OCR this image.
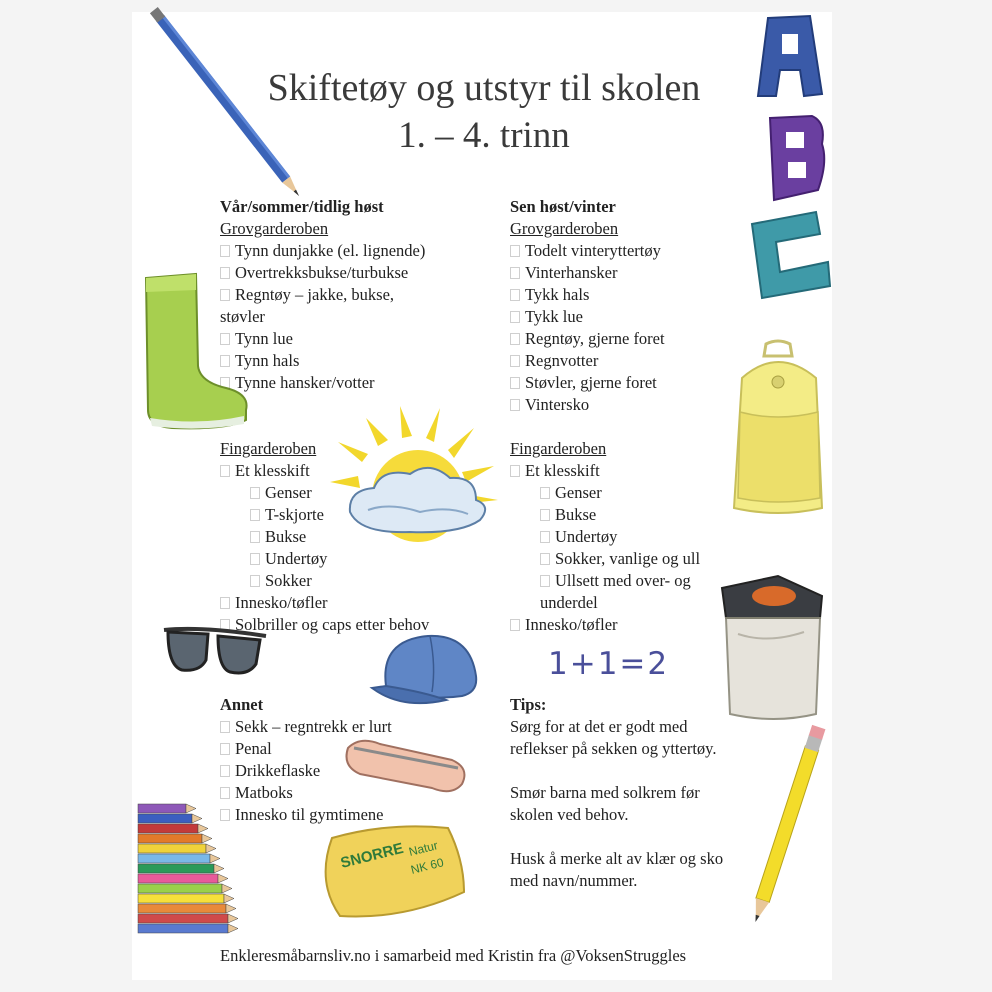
Skiftetøy og utstyr til skolen
1. – 4. trinn
Vår/sommer/tidlig høst
Grovgarderoben
Tynn dunjakke (el. lignende)
Overtrekksbukse/turbukse
Regntøy – jakke, bukse,
støvler
Tynn lue
Tynn hals
Tynne hansker/votter
Fingarderoben
Et klesskift
Genser
T-skjorte
Bukse
Undertøy
Sokker
Innesko/tøfler
Solbriller og caps etter behov
Annet
Sekk – regntrekk er lurt
Penal
Drikkeflaske
Matboks
Innesko til gymtimene
Sen høst/vinter
Grovgarderoben
Todelt vinteryttertøy
Vinterhansker
Tykk hals
Tykk lue
Regntøy, gjerne foret
Regnvotter
Støvler, gjerne foret
Vintersko
Fingarderoben
Et klesskift
Genser
Bukse
Undertøy
Sokker, vanlige og ull
Ullsett med over- og
underdel
Innesko/tøfler
Tips:
Sørg for at det er godt med
reflekser på sekken og yttertøy.
Smør barna med solkrem før
skolen ved behov.
Husk å merke alt av klær og sko
med navn/nummer.
1+1=2
Enkleresmåbarnsliv.no i samarbeid med Kristin fra @VoksenStruggles
SNORRE Natur
NK 60
